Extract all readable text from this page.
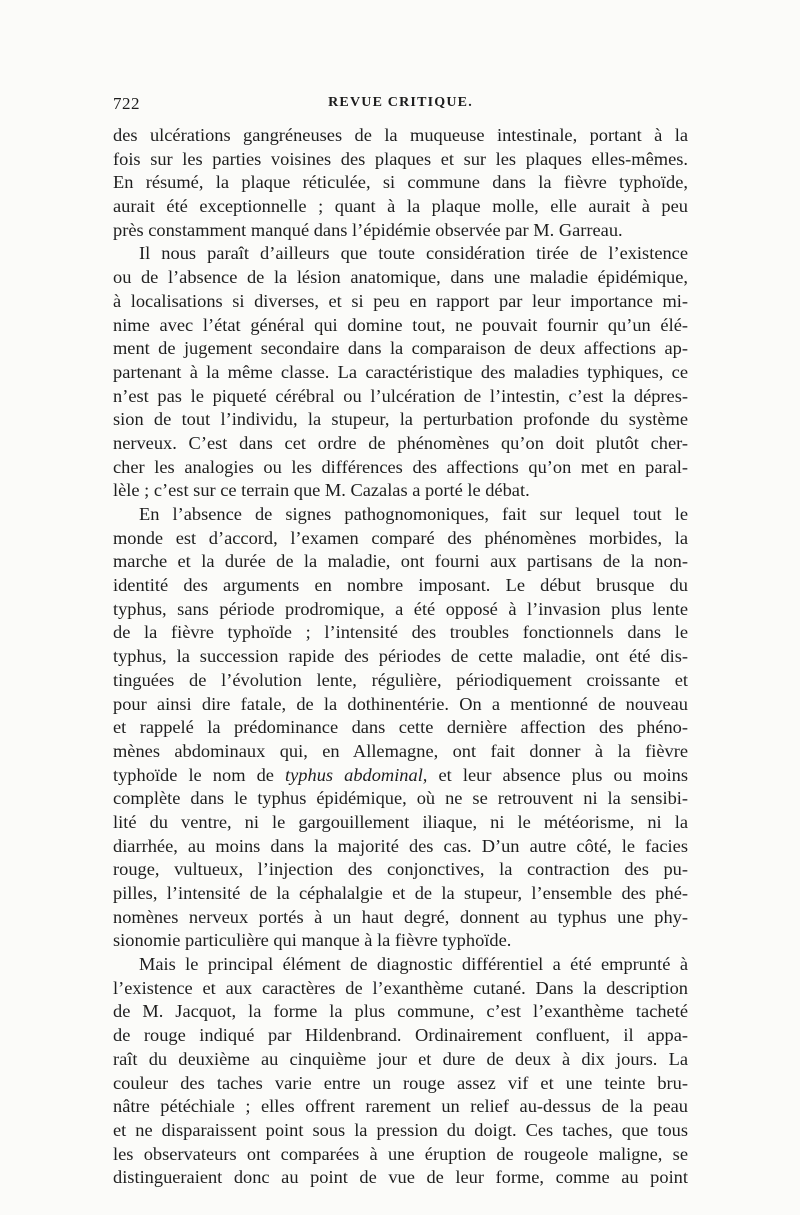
722	REVUE CRITIQUE.
des ulcérations gangréneuses de la muqueuse intestinale, portant à la
fois sur les parties voisines des plaques et sur les plaques elles-mêmes.
En résumé, la plaque réticulée, si commune dans la fièvre typhoïde,
aurait été exceptionnelle ; quant à la plaque molle, elle aurait à peu
près constamment manqué dans l’épidémie observée par M. Garreau.
Il nous paraît d’ailleurs que toute considération tirée de l’existence
ou de l’absence de la lésion anatomique, dans une maladie épidémique,
à localisations si diverses, et si peu en rapport par leur importance mi-
nime avec l’état général qui domine tout, ne pouvait fournir qu’un élé-
ment de jugement secondaire dans la comparaison de deux affections ap-
partenant à la même classe. La caractéristique des maladies typhiques, ce
n’est pas le piqueté cérébral ou l’ulcération de l’intestin, c’est la dépres-
sion de tout l’individu, la stupeur, la perturbation profonde du système
nerveux. C’est dans cet ordre de phénomènes qu’on doit plutôt cher-
cher les analogies ou les différences des affections qu’on met en paral-
lèle ; c’est sur ce terrain que M. Cazalas a porté le débat.
En l’absence de signes pathognomoniques, fait sur lequel tout le
monde est d’accord, l’examen comparé des phénomènes morbides, la
marche et la durée de la maladie, ont fourni aux partisans de la non-
identité des arguments en nombre imposant. Le début brusque du
typhus, sans période prodromique, a été opposé à l’invasion plus lente
de la fièvre typhoïde ; l’intensité des troubles fonctionnels dans le
typhus, la succession rapide des périodes de cette maladie, ont été dis-
tinguées de l’évolution lente, régulière, périodiquement croissante et
pour ainsi dire fatale, de la dothinentérie. On a mentionné de nouveau
et rappelé la prédominance dans cette dernière affection des phéno-
mènes abdominaux qui, en Allemagne, ont fait donner à la fièvre
typhoïde le nom de typhus abdominal, et leur absence plus ou moins
complète dans le typhus épidémique, où ne se retrouvent ni la sensibi-
lité du ventre, ni le gargouillement iliaque, ni le météorisme, ni la
diarrhée, au moins dans la majorité des cas. D’un autre côté, le facies
rouge, vultueux, l’injection des conjonctives, la contraction des pu-
pilles, l’intensité de la céphalalgie et de la stupeur, l’ensemble des phé-
nomènes nerveux portés à un haut degré, donnent au typhus une phy-
sionomie particulière qui manque à la fièvre typhoïde.
Mais le principal élément de diagnostic différentiel a été emprunté à
l’existence et aux caractères de l’exanthème cutané. Dans la description
de M. Jacquot, la forme la plus commune, c’est l’exanthème tacheté
de rouge indiqué par Hildenbrand. Ordinairement confluent, il appa-
raît du deuxième au cinquième jour et dure de deux à dix jours. La
couleur des taches varie entre un rouge assez vif et une teinte bru-
nâtre pétéchiale ; elles offrent rarement un relief au-dessus de la peau
et ne disparaissent point sous la pression du doigt. Ces taches, que tous
les observateurs ont comparées à une éruption de rougeole maligne, se
distingueraient donc au point de vue de leur forme, comme au point
